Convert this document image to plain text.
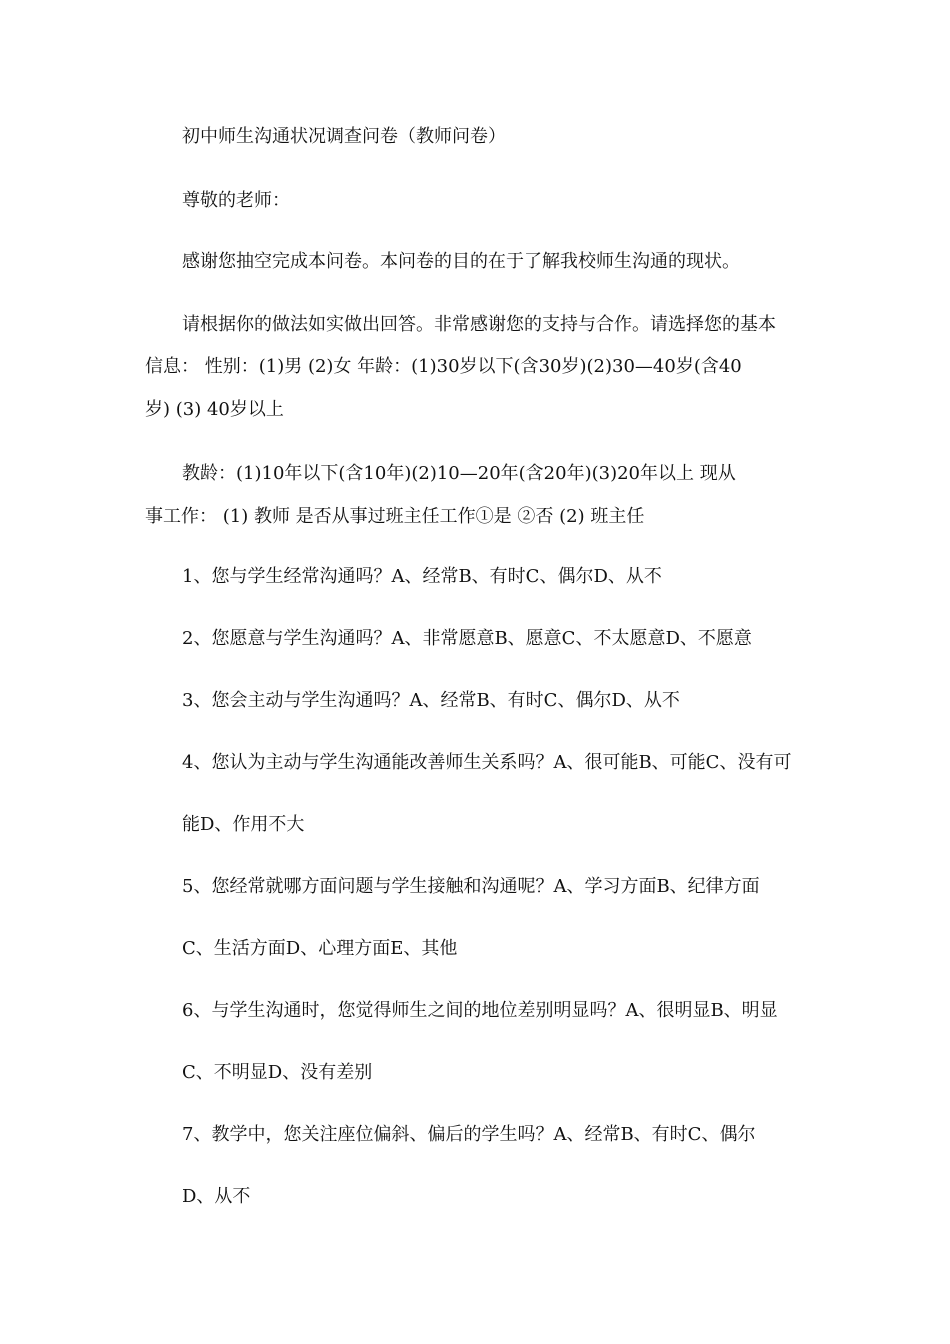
初中师生沟通状况调查问卷（教师问卷）

尊敬的老师：

感谢您抽空完成本问卷。本问卷的目的在于了解我校师生沟通的现状。

请根据你的做法如实做出回答。非常感谢您的支持与合作。请选择您的基本

信息： 性别：(1)男 (2)女 年龄：(1)30岁以下(含30岁)(2)30—40岁(含40

岁) (3) 40岁以上

教龄：(1)10年以下(含10年)(2)10—20年(含20年)(3)20年以上 现从

事工作： (1) 教师 是否从事过班主任工作①是 ②否 (2) 班主任

1、您与学生经常沟通吗？A、经常B、有时C、偶尔D、从不

2、您愿意与学生沟通吗？A、非常愿意B、愿意C、不太愿意D、不愿意

3、您会主动与学生沟通吗？A、经常B、有时C、偶尔D、从不

4、您认为主动与学生沟通能改善师生关系吗？A、很可能B、可能C、没有可

能D、作用不大

5、您经常就哪方面问题与学生接触和沟通呢？A、学习方面B、纪律方面

C、生活方面D、心理方面E、其他

6、与学生沟通时，您觉得师生之间的地位差别明显吗？A、很明显B、明显

C、不明显D、没有差别

7、教学中，您关注座位偏斜、偏后的学生吗？A、经常B、有时C、偶尔

D、从不
